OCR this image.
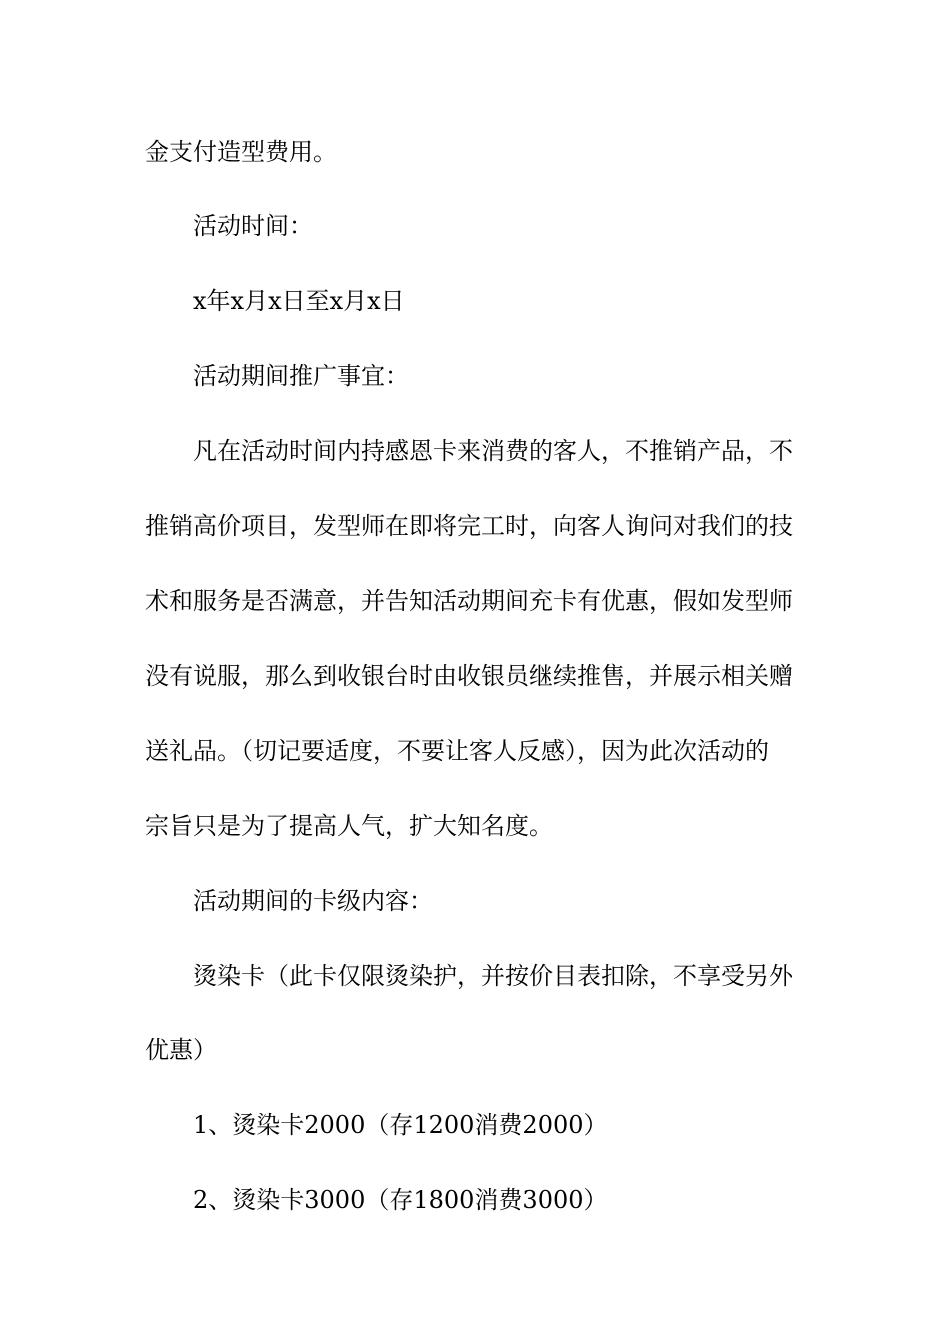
金支付造型费用。

活动时间：

x年x月x日至x月x日

活动期间推广事宜：

凡在活动时间内持感恩卡来消费的客人，不推销产品，不

推销高价项目，发型师在即将完工时，向客人询问对我们的技

术和服务是否满意，并告知活动期间充卡有优惠，假如发型师

没有说服，那么到收银台时由收银员继续推售，并展示相关赠

送礼品。（切记要适度，不要让客人反感），因为此次活动的

宗旨只是为了提高人气，扩大知名度。

活动期间的卡级内容：

烫染卡（此卡仅限烫染护，并按价目表扣除，不享受另外

优惠）

1、烫染卡2000（存1200消费2000）

2、烫染卡3000（存1800消费3000）
